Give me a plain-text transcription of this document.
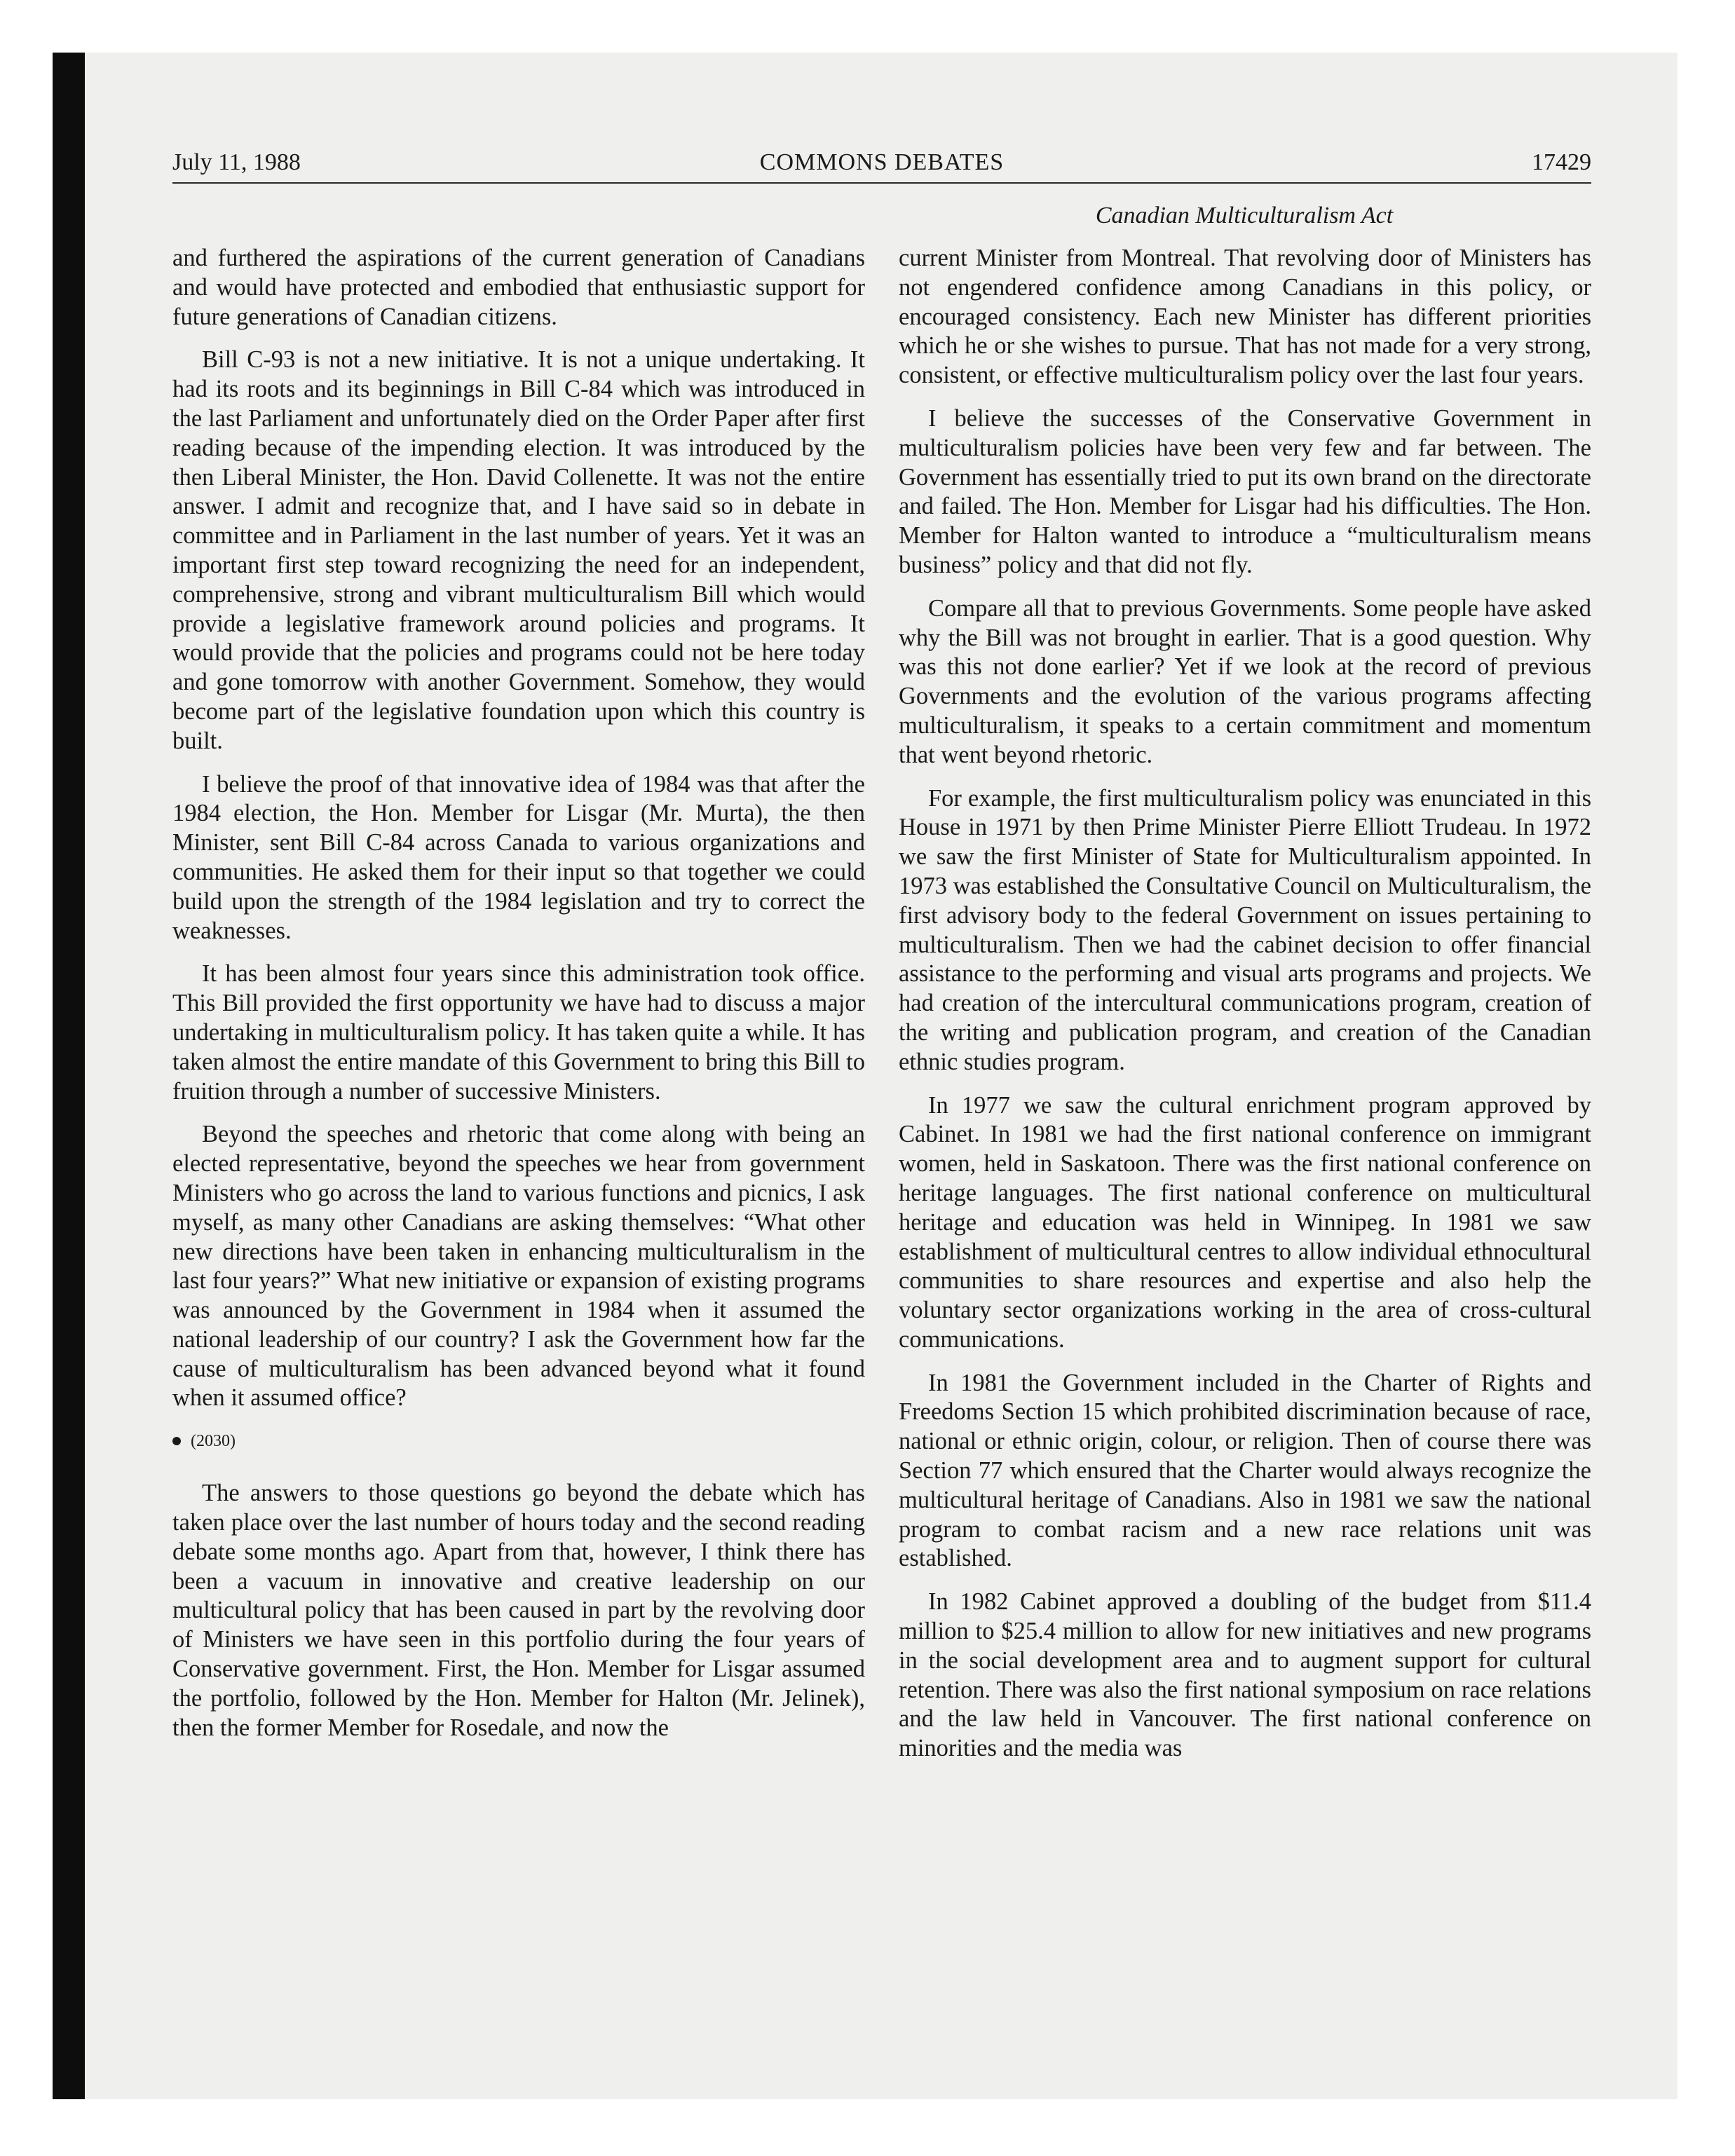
July 11, 1988	COMMONS DEBATES	17429
Canadian Multiculturalism Act

and furthered the aspirations of the current generation of Canadians and would have protected and embodied that enthusiastic support for future generations of Canadian citizens.

Bill C-93 is not a new initiative. It is not a unique undertaking. It had its roots and its beginnings in Bill C-84 which was introduced in the last Parliament and unfortunately died on the Order Paper after first reading because of the impending election. It was introduced by the then Liberal Minister, the Hon. David Collenette. It was not the entire answer. I admit and recognize that, and I have said so in debate in committee and in Parliament in the last number of years. Yet it was an important first step toward recognizing the need for an independent, comprehensive, strong and vibrant multiculturalism Bill which would provide a legislative framework around policies and programs. It would provide that the policies and programs could not be here today and gone tomorrow with another Government. Somehow, they would become part of the legislative foundation upon which this country is built.

I believe the proof of that innovative idea of 1984 was that after the 1984 election, the Hon. Member for Lisgar (Mr. Murta), the then Minister, sent Bill C-84 across Canada to various organizations and communities. He asked them for their input so that together we could build upon the strength of the 1984 legislation and try to correct the weaknesses.

It has been almost four years since this administration took office. This Bill provided the first opportunity we have had to discuss a major undertaking in multiculturalism policy. It has taken quite a while. It has taken almost the entire mandate of this Government to bring this Bill to fruition through a number of successive Ministers.

Beyond the speeches and rhetoric that come along with being an elected representative, beyond the speeches we hear from government Ministers who go across the land to various functions and picnics, I ask myself, as many other Canadians are asking themselves: “What other new directions have been taken in enhancing multiculturalism in the last four years?” What new initiative or expansion of existing programs was announced by the Government in 1984 when it assumed the national leadership of our country? I ask the Government how far the cause of multiculturalism has been advanced beyond what it found when it assumed office?

(2030)

The answers to those questions go beyond the debate which has taken place over the last number of hours today and the second reading debate some months ago. Apart from that, however, I think there has been a vacuum in innovative and creative leadership on our multicultural policy that has been caused in part by the revolving door of Ministers we have seen in this portfolio during the four years of Conservative government. First, the Hon. Member for Lisgar assumed the portfolio, followed by the Hon. Member for Halton (Mr. Jelinek), then the former Member for Rosedale, and now the

current Minister from Montreal. That revolving door of Ministers has not engendered confidence among Canadians in this policy, or encouraged consistency. Each new Minister has different priorities which he or she wishes to pursue. That has not made for a very strong, consistent, or effective multiculturalism policy over the last four years.

I believe the successes of the Conservative Government in multiculturalism policies have been very few and far between. The Government has essentially tried to put its own brand on the directorate and failed. The Hon. Member for Lisgar had his difficulties. The Hon. Member for Halton wanted to introduce a “multiculturalism means business” policy and that did not fly.

Compare all that to previous Governments. Some people have asked why the Bill was not brought in earlier. That is a good question. Why was this not done earlier? Yet if we look at the record of previous Governments and the evolution of the various programs affecting multiculturalism, it speaks to a certain commitment and momentum that went beyond rhetoric.

For example, the first multiculturalism policy was enunciated in this House in 1971 by then Prime Minister Pierre Elliott Trudeau. In 1972 we saw the first Minister of State for Multiculturalism appointed. In 1973 was established the Consultative Council on Multiculturalism, the first advisory body to the federal Government on issues pertaining to multiculturalism. Then we had the cabinet decision to offer financial assistance to the performing and visual arts programs and projects. We had creation of the intercultural communications program, creation of the writing and publication program, and creation of the Canadian ethnic studies program.

In 1977 we saw the cultural enrichment program approved by Cabinet. In 1981 we had the first national conference on immigrant women, held in Saskatoon. There was the first national conference on heritage languages. The first national conference on multicultural heritage and education was held in Winnipeg. In 1981 we saw establishment of multicultural centres to allow individual ethnocultural communities to share resources and expertise and also help the voluntary sector organizations working in the area of cross-cultural communications.

In 1981 the Government included in the Charter of Rights and Freedoms Section 15 which prohibited discrimination because of race, national or ethnic origin, colour, or religion. Then of course there was Section 77 which ensured that the Charter would always recognize the multicultural heritage of Canadians. Also in 1981 we saw the national program to combat racism and a new race relations unit was established.

In 1982 Cabinet approved a doubling of the budget from $11.4 million to $25.4 million to allow for new initiatives and new programs in the social development area and to augment support for cultural retention. There was also the first national symposium on race relations and the law held in Vancouver. The first national conference on minorities and the media was
